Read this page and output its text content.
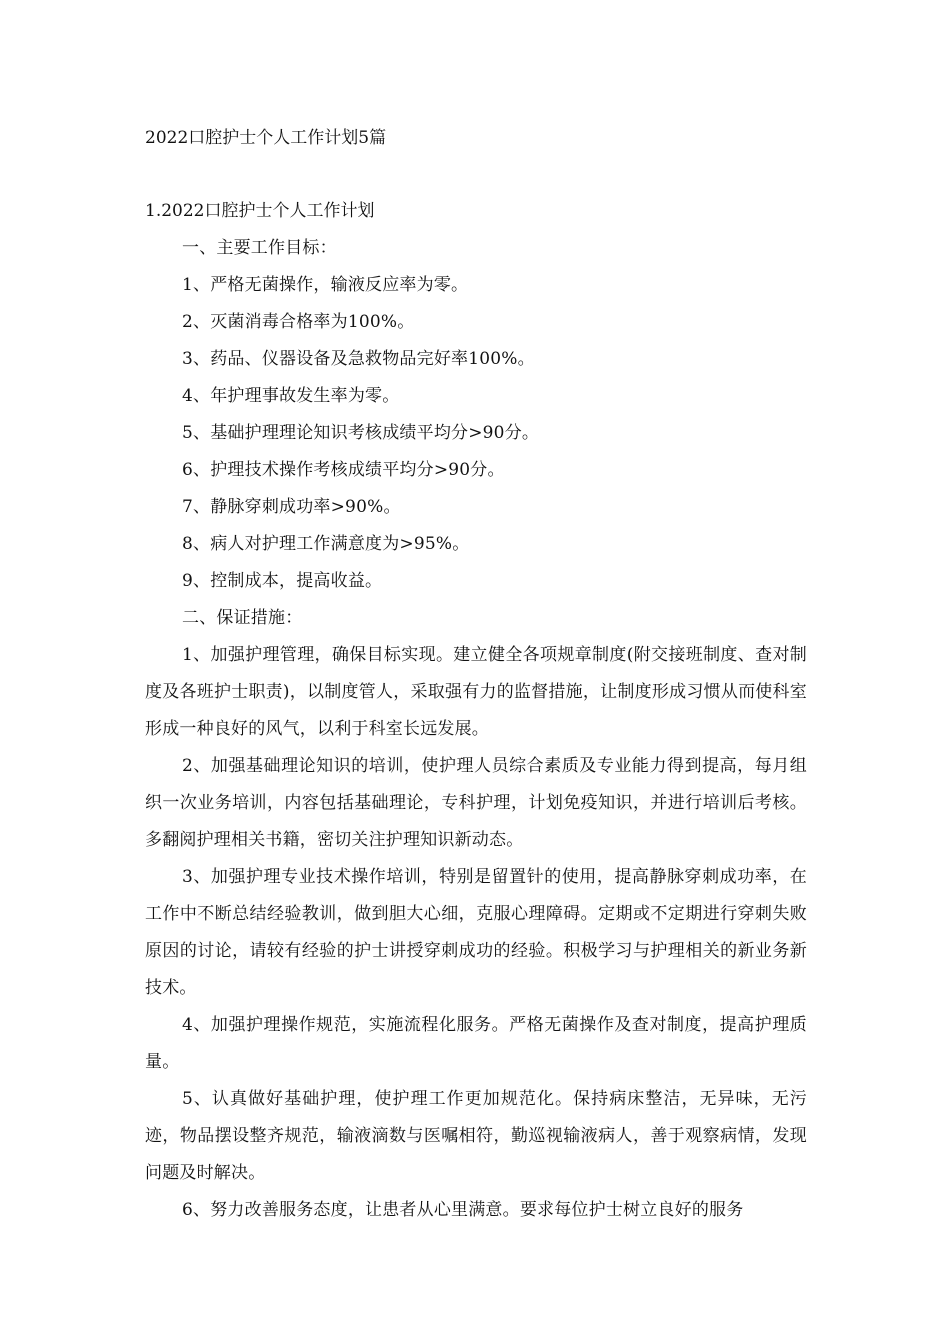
2022口腔护士个人工作计划5篇
1.2022口腔护士个人工作计划

一、主要工作目标：

1、严格无菌操作，输液反应率为零。

2、灭菌消毒合格率为100%。

3、药品、仪器设备及急救物品完好率100%。

4、年护理事故发生率为零。

5、基础护理理论知识考核成绩平均分>90分。

6、护理技术操作考核成绩平均分>90分。

7、静脉穿刺成功率>90%。

8、病人对护理工作满意度为>95%。

9、控制成本，提高收益。

二、保证措施：

1、加强护理管理，确保目标实现。建立健全各项规章制度(附交接班制度、查对制度及各班护士职责)，以制度管人，采取强有力的监督措施，让制度形成习惯从而使科室形成一种良好的风气，以利于科室长远发展。

2、加强基础理论知识的培训，使护理人员综合素质及专业能力得到提高，每月组织一次业务培训，内容包括基础理论，专科护理，计划免疫知识，并进行培训后考核。多翻阅护理相关书籍，密切关注护理知识新动态。

3、加强护理专业技术操作培训，特别是留置针的使用，提高静脉穿刺成功率，在工作中不断总结经验教训，做到胆大心细，克服心理障碍。定期或不定期进行穿刺失败原因的讨论，请较有经验的护士讲授穿刺成功的经验。积极学习与护理相关的新业务新技术。

4、加强护理操作规范，实施流程化服务。严格无菌操作及查对制度，提高护理质量。

5、认真做好基础护理，使护理工作更加规范化。保持病床整洁，无异味，无污迹，物品摆设整齐规范，输液滴数与医嘱相符，勤巡视输液病人，善于观察病情，发现问题及时解决。

6、努力改善服务态度，让患者从心里满意。要求每位护士树立良好的服务
